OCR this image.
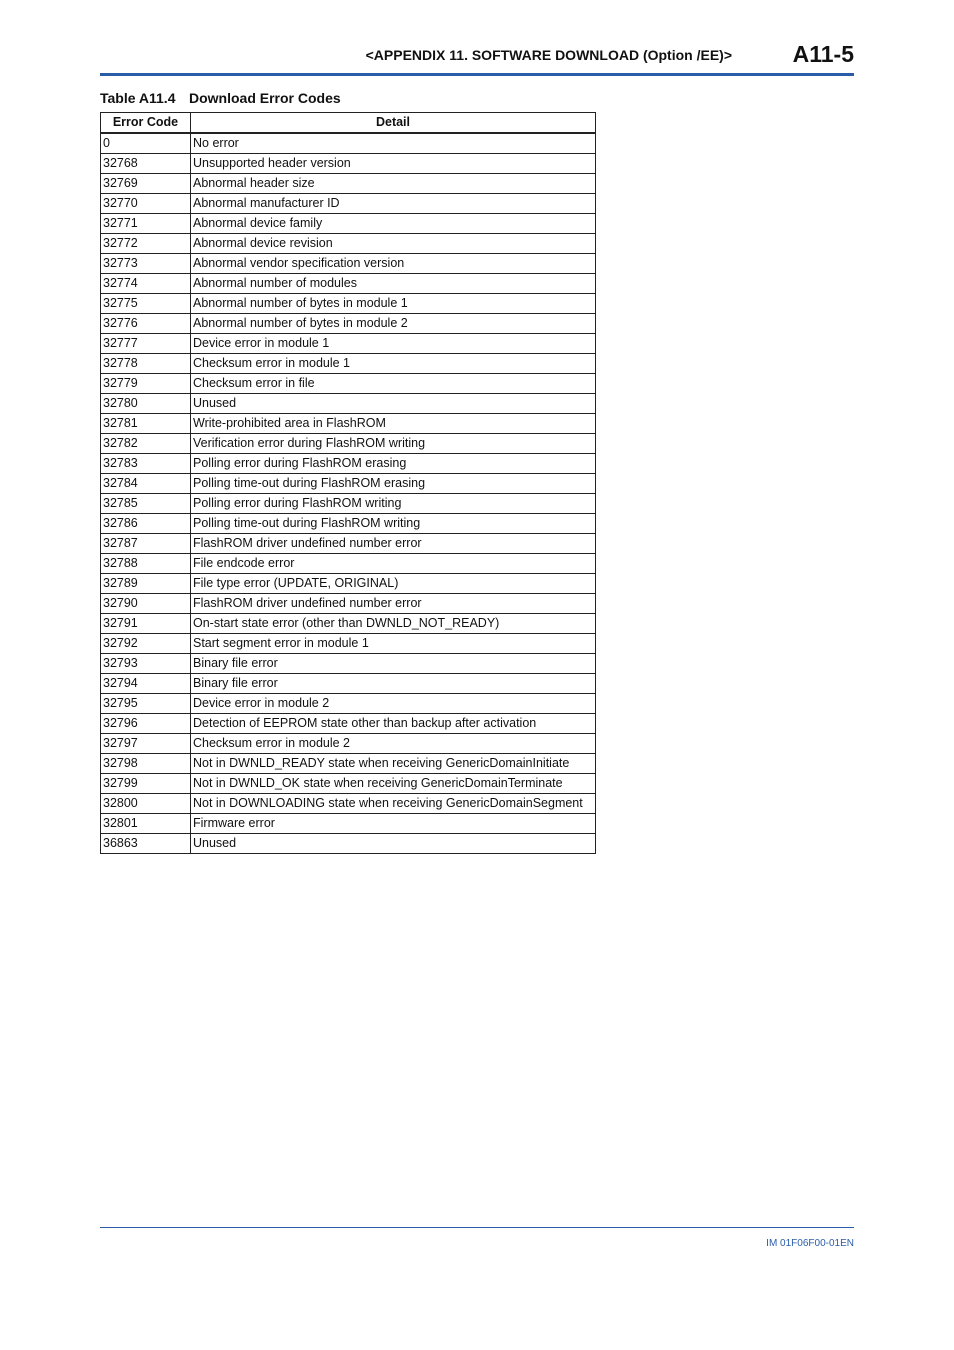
<APPENDIX 11. SOFTWARE DOWNLOAD (Option /EE)>	A11-5
Table A11.4 Download Error Codes
Error Code	Detail
0	No error
32768	Unsupported header version
32769	Abnormal header size
32770	Abnormal manufacturer ID
32771	Abnormal device family
32772	Abnormal device revision
32773	Abnormal vendor specification version
32774	Abnormal number of modules
32775	Abnormal number of bytes in module 1
32776	Abnormal number of bytes in module 2
32777	Device error in module 1
32778	Checksum error in module 1
32779	Checksum error in file
32780	Unused
32781	Write-prohibited area in FlashROM
32782	Verification error during FlashROM writing
32783	Polling error during FlashROM erasing
32784	Polling time-out during FlashROM erasing
32785	Polling error during FlashROM writing
32786	Polling time-out during FlashROM writing
32787	FlashROM driver undefined number error
32788	File endcode error
32789	File type error (UPDATE, ORIGINAL)
32790	FlashROM driver undefined number error
32791	On-start state error (other than DWNLD_NOT_READY)
32792	Start segment error in module 1
32793	Binary file error
32794	Binary file error
32795	Device error in module 2
32796	Detection of EEPROM state other than backup after activation
32797	Checksum error in module 2
32798	Not in DWNLD_READY state when receiving GenericDomainInitiate
32799	Not in DWNLD_OK state when receiving GenericDomainTerminate
32800	Not in DOWNLOADING state when receiving GenericDomainSegment
32801	Firmware error
36863	Unused
IM 01F06F00-01EN
